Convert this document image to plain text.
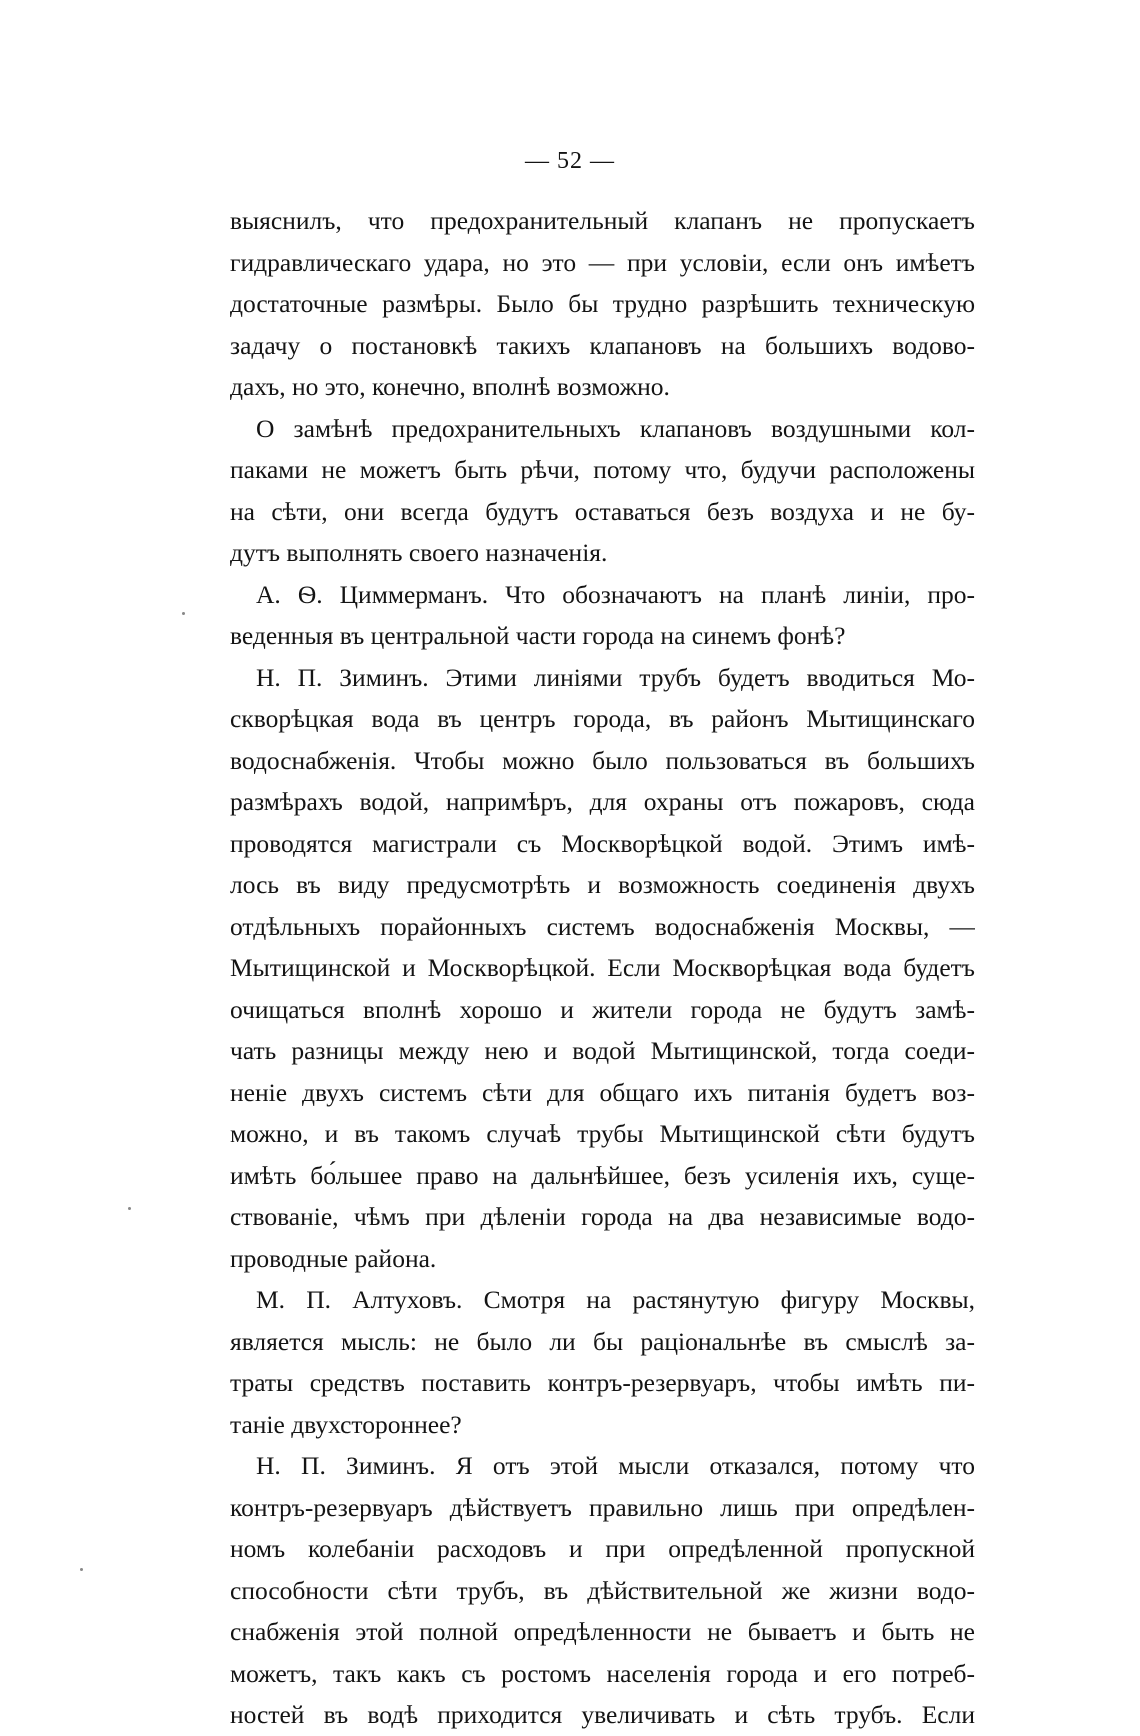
— 52 —
выяснилъ, что предохранительный клапанъ не пропускаетъ
гидравлическаго удара, но это — при условіи, если онъ имѣетъ
достаточные размѣры. Было бы трудно разрѣшить техническую
задачу о постановкѣ такихъ клапановъ на большихъ водово-
дахъ, но это, конечно, вполнѣ возможно.
О замѣнѣ предохранительныхъ клапановъ воздушными кол-
паками не можетъ быть рѣчи, потому что, будучи расположены
на сѣти, они всегда будутъ оставаться безъ воздуха и не бу-
дутъ выполнять своего назначенія.
А. Ѳ. Циммерманъ. Что обозначаютъ на планѣ линіи, про-
веденныя въ центральной части города на синемъ фонѣ?
Н. П. Зиминъ. Этими линіями трубъ будетъ вводиться Мо-
скворѣцкая вода въ центръ города, въ районъ Мытищинскаго
водоснабженія. Чтобы можно было пользоваться въ большихъ
размѣрахъ водой, напримѣръ, для охраны отъ пожаровъ, сюда
проводятся магистрали съ Москворѣцкой водой. Этимъ имѣ-
лось въ виду предусмотрѣть и возможность соединенія двухъ
отдѣльныхъ порайонныхъ системъ водоснабженія Москвы, —
Мытищинской и Москворѣцкой. Если Москворѣцкая вода будетъ
очищаться вполнѣ хорошо и жители города не будутъ замѣ-
чать разницы между нею и водой Мытищинской, тогда соеди-
неніе двухъ системъ сѣти для общаго ихъ питанія будетъ воз-
можно, и въ такомъ случаѣ трубы Мытищинской сѣти будутъ
имѣть бо́льшее право на дальнѣйшее, безъ усиленія ихъ, суще-
ствованіе, чѣмъ при дѣленіи города на два независимые водо-
проводные района.
М. П. Алтуховъ. Смотря на растянутую фигуру Москвы,
является мысль: не было ли бы раціональнѣе въ смыслѣ за-
траты средствъ поставить контръ-резервуаръ, чтобы имѣть пи-
таніе двухстороннее?
Н. П. Зиминъ. Я отъ этой мысли отказался, потому что
контръ-резервуаръ дѣйствуетъ правильно лишь при опредѣлен-
номъ колебаніи расходовъ и при опредѣленной пропускной
способности сѣти трубъ, въ дѣйствительной же жизни водо-
снабженія этой полной опредѣленности не бываетъ и быть не
можетъ, такъ какъ съ ростомъ населенія города и его потреб-
ностей въ водѣ приходится увеличивать и сѣть трубъ. Если
